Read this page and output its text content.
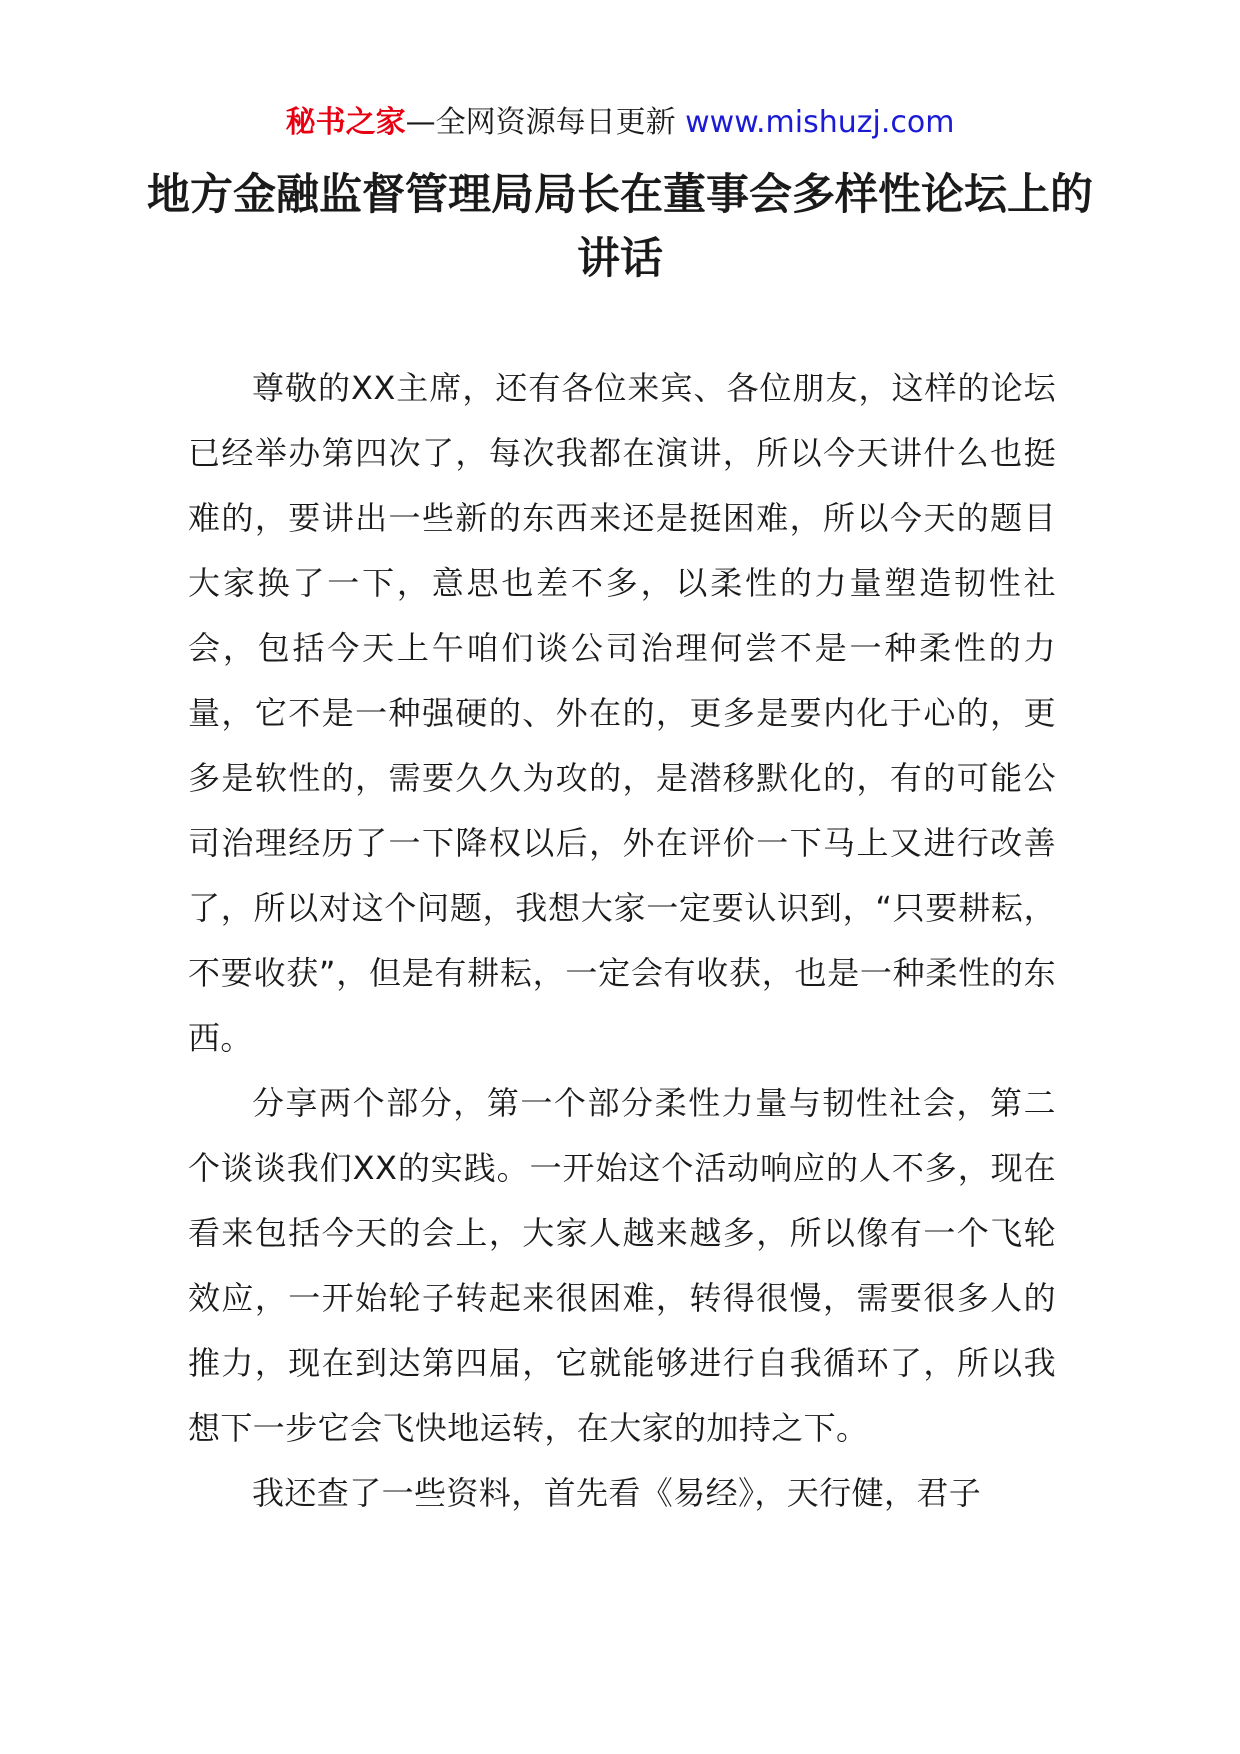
秘书之家—全网资源每日更新 www.mishuzj.com
地方金融监督管理局局长在董事会多样性论坛上的讲话

尊敬的XX主席，还有各位来宾、各位朋友，这样的论坛已经举办第四次了，每次我都在演讲，所以今天讲什么也挺难的，要讲出一些新的东西来还是挺困难，所以今天的题目大家换了一下，意思也差不多，以柔性的力量塑造韧性社会，包括今天上午咱们谈公司治理何尝不是一种柔性的力量，它不是一种强硬的、外在的，更多是要内化于心的，更多是软性的，需要久久为攻的，是潜移默化的，有的可能公司治理经历了一下降权以后，外在评价一下马上又进行改善了，所以对这个问题，我想大家一定要认识到，“只要耕耘，不要收获”，但是有耕耘，一定会有收获，也是一种柔性的东西。

分享两个部分，第一个部分柔性力量与韧性社会，第二个谈谈我们XX的实践。一开始这个活动响应的人不多，现在看来包括今天的会上，大家人越来越多，所以像有一个飞轮效应，一开始轮子转起来很困难，转得很慢，需要很多人的推力，现在到达第四届，它就能够进行自我循环了，所以我想下一步它会飞快地运转，在大家的加持之下。

我还查了一些资料，首先看《易经》，天行健，君子
